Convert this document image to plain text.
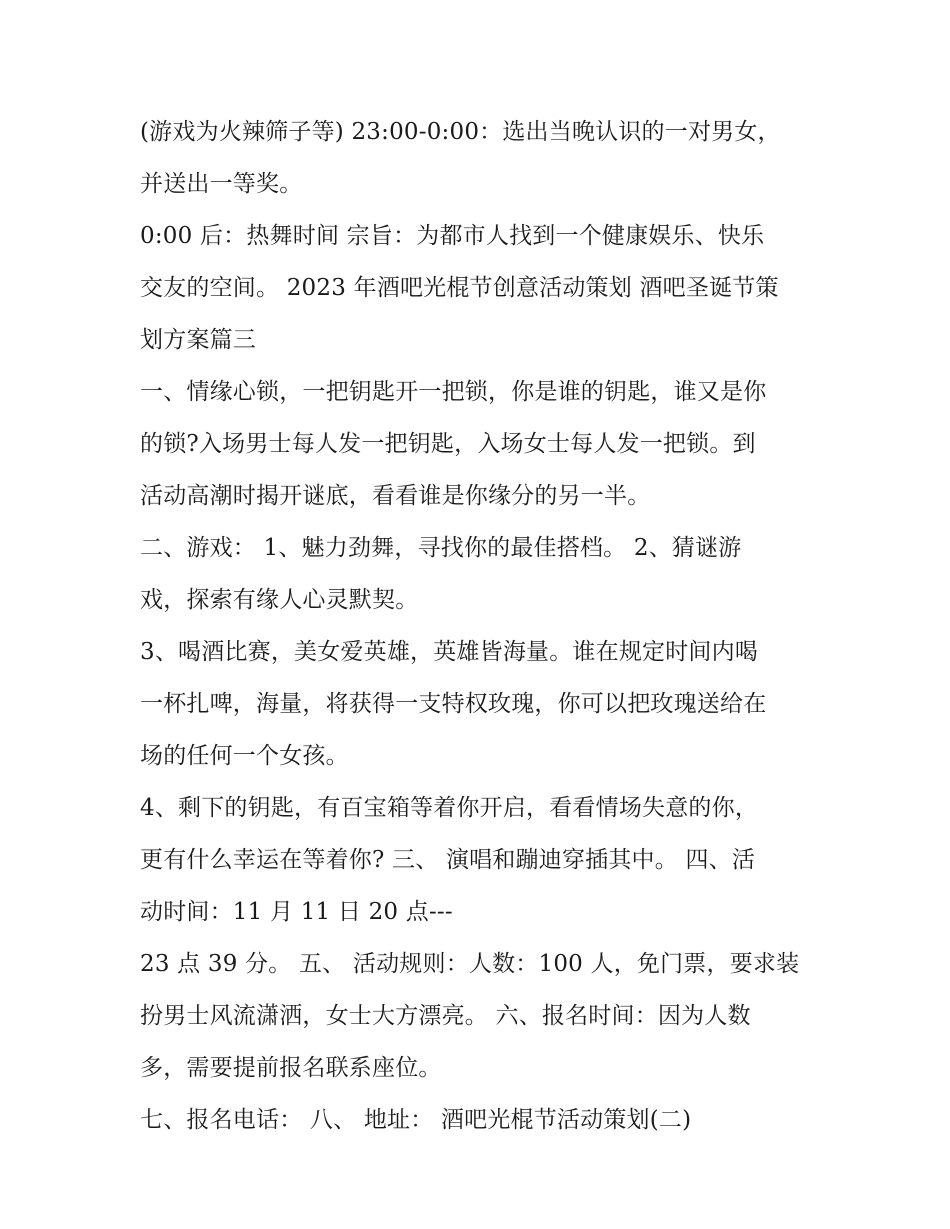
(游戏为火辣筛子等) 23:00-0:00：选出当晚认识的一对男女，
并送出一等奖。
0:00 后：热舞时间 宗旨：为都市人找到一个健康娱乐、快乐
交友的空间。 2023 年酒吧光棍节创意活动策划 酒吧圣诞节策
划方案篇三
一、情缘心锁，一把钥匙开一把锁，你是谁的钥匙，谁又是你
的锁?入场男士每人发一把钥匙，入场女士每人发一把锁。到
活动高潮时揭开谜底，看看谁是你缘分的另一半。
二、游戏： 1、魅力劲舞，寻找你的最佳搭档。 2、猜谜游
戏，探索有缘人心灵默契。
3、喝酒比赛，美女爱英雄，英雄皆海量。谁在规定时间内喝
一杯扎啤，海量，将获得一支特权玫瑰，你可以把玫瑰送给在
场的任何一个女孩。
4、剩下的钥匙，有百宝箱等着你开启，看看情场失意的你，
更有什么幸运在等着你? 三、 演唱和蹦迪穿插其中。 四、活
动时间：11 月 11 日 20 点---
23 点 39 分。 五、 活动规则：人数：100 人，免门票，要求装
扮男士风流潇洒，女士大方漂亮。 六、报名时间：因为人数
多，需要提前报名联系座位。
七、报名电话： 八、 地址： 酒吧光棍节活动策划(二)
